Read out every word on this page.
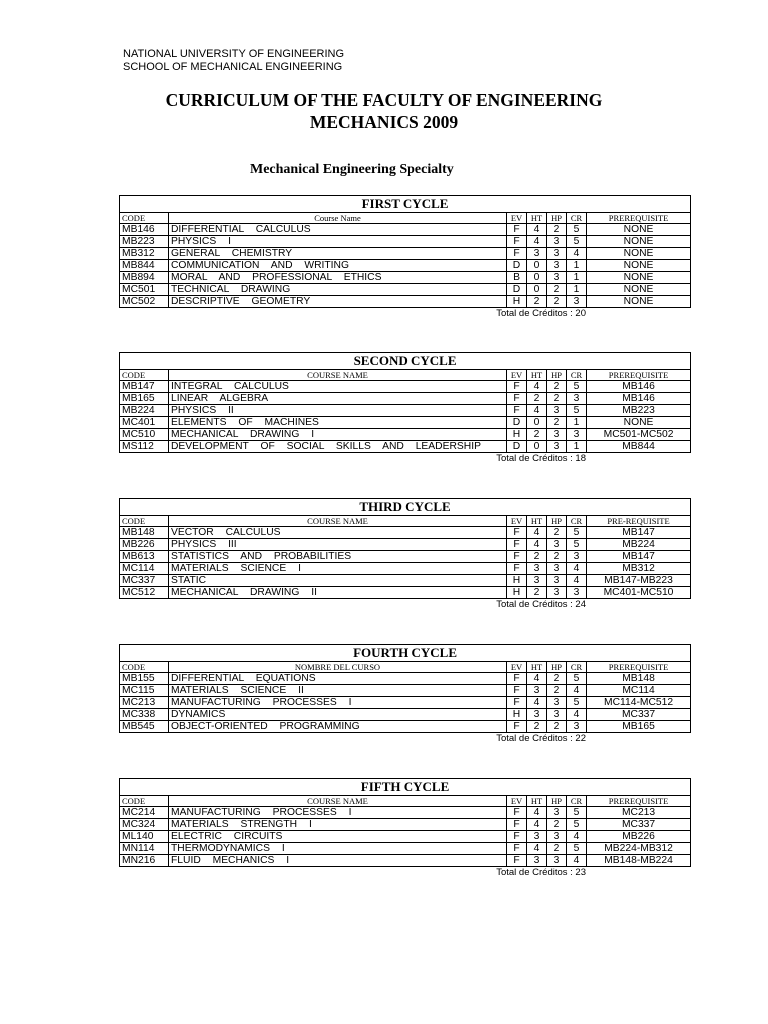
NATIONAL UNIVERSITY OF ENGINEERING
SCHOOL OF MECHANICAL ENGINEERING
CURRICULUM OF THE FACULTY OF ENGINEERING
MECHANICS 2009
Mechanical Engineering Specialty
FIRST CYCLE						
CODE	Course Name	EV	HT	HP	CR	PREREQUISITE
MB146	DIFFERENTIAL CALCULUS	F	4	2	5	NONE
MB223	PHYSICS I	F	4	3	5	NONE
MB312	GENERAL CHEMISTRY	F	3	3	4	NONE
MB844	COMMUNICATION AND WRITING	D	0	3	1	NONE
MB894	MORAL AND PROFESSIONAL ETHICS	B	0	3	1	NONE
MC501	TECHNICAL DRAWING	D	0	2	1	NONE
MC502	DESCRIPTIVE GEOMETRY	H	2	2	3	NONE
Total de Créditos : 20
SECOND CYCLE						
CODE	COURSE NAME	EV	HT	HP	CR	PREREQUISITE
MB147	INTEGRAL CALCULUS	F	4	2	5	MB146
MB165	LINEAR ALGEBRA	F	2	2	3	MB146
MB224	PHYSICS II	F	4	3	5	MB223
MC401	ELEMENTS OF MACHINES	D	0	2	1	NONE
MC510	MECHANICAL DRAWING I	H	2	3	3	MC501-MC502
MS112	DEVELOPMENT OF SOCIAL SKILLS AND LEADERSHIP	D	0	3	1	MB844
Total de Créditos : 18
THIRD CYCLE						
CODE	COURSE NAME	EV	HT	HP	CR	PRE-REQUISITE
MB148	VECTOR CALCULUS	F	4	2	5	MB147
MB226	PHYSICS III	F	4	3	5	MB224
MB613	STATISTICS AND PROBABILITIES	F	2	2	3	MB147
MC114	MATERIALS SCIENCE I	F	3	3	4	MB312
MC337	STATIC	H	3	3	4	MB147-MB223
MC512	MECHANICAL DRAWING II	H	2	3	3	MC401-MC510
Total de Créditos : 24
FOURTH CYCLE						
CODE	NOMBRE DEL CURSO	EV	HT	HP	CR	PREREQUISITE
MB155	DIFFERENTIAL EQUATIONS	F	4	2	5	MB148
MC115	MATERIALS SCIENCE II	F	3	2	4	MC114
MC213	MANUFACTURING PROCESSES I	F	4	3	5	MC114-MC512
MC338	DYNAMICS	H	3	3	4	MC337
MB545	OBJECT-ORIENTED PROGRAMMING	F	2	2	3	MB165
Total de Créditos : 22
FIFTH CYCLE						
CODE	COURSE NAME	EV	HT	HP	CR	PREREQUISITE
MC214	MANUFACTURING PROCESSES I	F	4	3	5	MC213
MC324	MATERIALS STRENGTH I	F	4	2	5	MC337
ML140	ELECTRIC CIRCUITS	F	3	3	4	MB226
MN114	THERMODYNAMICS I	F	4	2	5	MB224-MB312
MN216	FLUID MECHANICS I	F	3	3	4	MB148-MB224
Total de Créditos : 23
